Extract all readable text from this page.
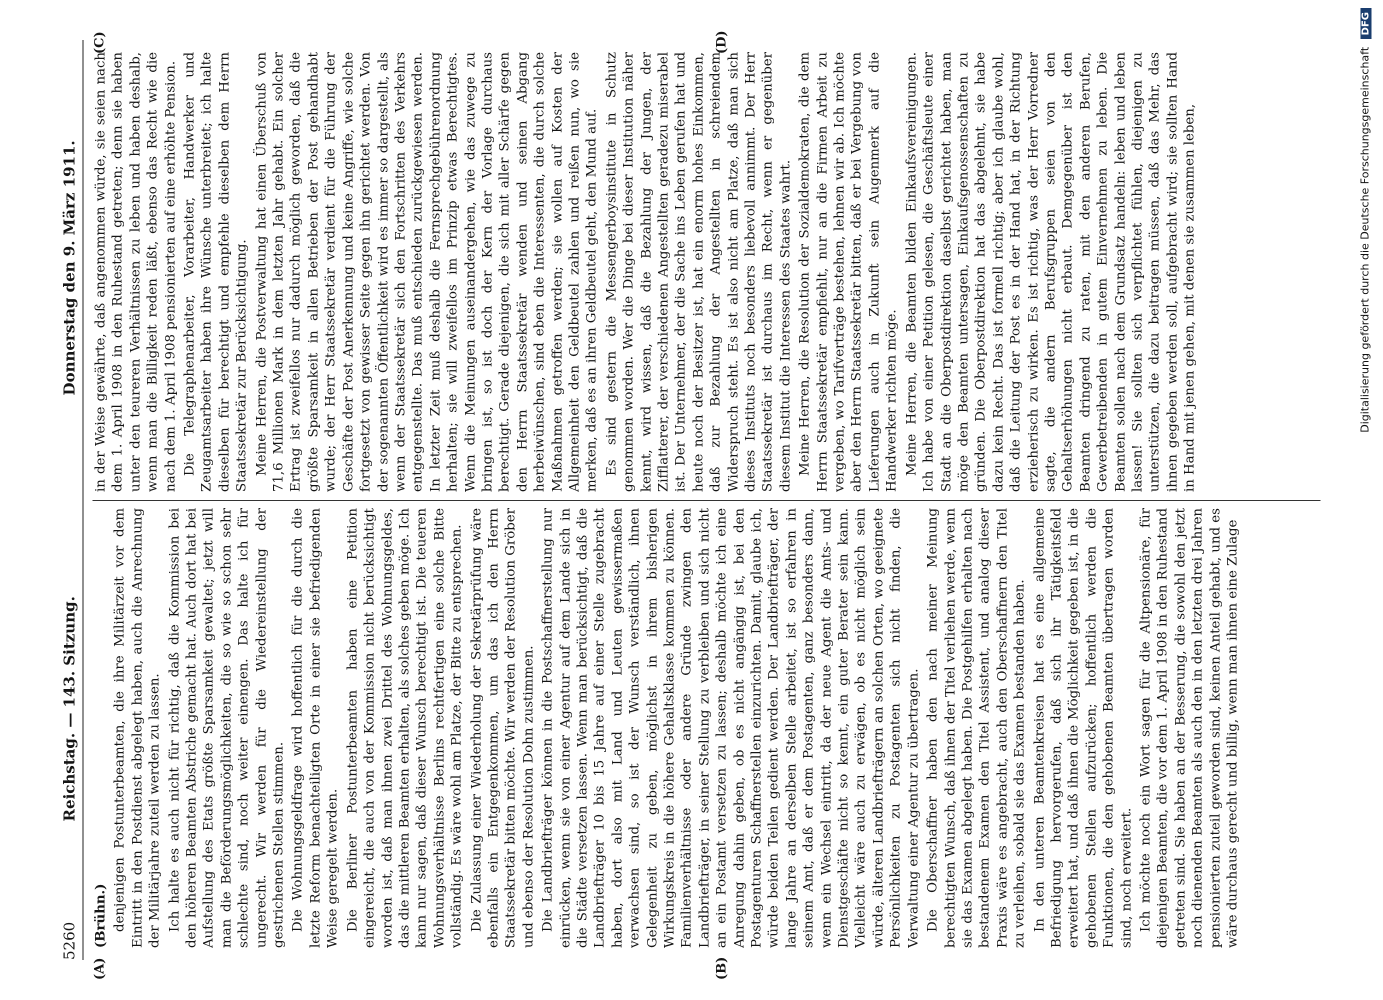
5260
Reichstag. — 143. Sitzung.
Donnerstag den 9. März 1911.
(A)	(B)
(C)	(D)

(Brühn.) denjenigen Postunterbeamten, die ihre Militärzeit vor dem Eintritt in den Postdienst abgelegt haben, auch die Anrechnung der Militärjahre zuteil werden zu lassen. Ich halte es auch nicht für richtig, daß die Kommission bei den höheren Beamten Abstriche gemacht hat. Auch dort hat bei Aufstellung des Etats größte Sparsamkeit gewaltet; jetzt will man die Beförderungsmöglichkeiten, die so wie so schon sehr schlechte sind, noch weiter einengen. Das halte ich für ungerecht. Wir werden für die Wiedereinstellung der gestrichenen Stellen stimmen. Die Wohnungsgeldfrage wird hoffentlich für die durch die letzte Reform benachteiligten Orte in einer sie befriedigenden Weise geregelt werden. Die Berliner Postunterbeamten haben eine Petition eingereicht, die auch von der Kommission nicht berücksichtigt worden ist, daß man ihnen zwei Drittel des Wohnungsgeldes, das die mittleren Beamten erhalten, als solches geben möge. Ich kann nur sagen, daß dieser Wunsch berechtigt ist. Die teueren Wohnungsverhältnisse Berlins rechtfertigen eine solche Bitte vollständig. Es wäre wohl am Platze, der Bitte zu entsprechen. Die Zulassung einer Wiederholung der Sekretärprüfung wäre ebenfalls ein Entgegenkommen, um das ich den Herrn Staatssekretär bitten möchte. Wir werden der Resolution Gröber und ebenso der Resolution Dohn zustimmen. Die Landbriefträger können in die Postschaffnerstellung nur einrücken, wenn sie von einer Agentur auf dem Lande sich in die Städte versetzen lassen. Wenn man berücksichtigt, daß die Landbriefträger 10 bis 15 Jahre auf einer Stelle zugebracht haben, dort also mit Land und Leuten gewissermaßen verwachsen sind, so ist der Wunsch verständlich, ihnen Gelegenheit zu geben, möglichst in ihrem bisherigen Wirkungskreis in die höhere Gehaltsklasse kommen zu können. Familienverhältnisse oder andere Gründe zwingen den Landbriefträger, in seiner Stellung zu verbleiben und sich nicht an ein Postamt versetzen zu lassen; deshalb möchte ich eine Anregung dahin geben, ob es nicht angängig ist, bei den Postagenturen Schaffnerstellen einzurichten. Damit, glaube ich, würde beiden Teilen gedient werden. Der Landbriefträger, der lange Jahre an derselben Stelle arbeitet, ist so erfahren in seinem Amt, daß er dem Postagenten, ganz besonders dann, wenn ein Wechsel eintritt, da der neue Agent die Amts- und Dienstgeschäfte nicht so kennt, ein guter Berater sein kann. Vielleicht wäre auch zu erwägen, ob es nicht möglich sein würde, älteren Landbriefträgern an solchen Orten, wo geeignete Persönlichkeiten zu Postagenten sich nicht finden, die Verwaltung einer Agentur zu übertragen. Die Oberschaffner haben den nach meiner Meinung berechtigten Wunsch, daß ihnen der Titel verliehen werde, wenn sie das Examen abgelegt haben. Die Postgehilfen erhalten nach bestandenem Examen den Titel Assistent, und analog dieser Praxis wäre es angebracht, auch den Oberschaffnern den Titel zu verleihen, sobald sie das Examen bestanden haben. In den unteren Beamtenkreisen hat es eine allgemeine Befriedigung hervorgerufen, daß sich ihr Tätigkeitsfeld erweitert hat, und daß ihnen die Möglichkeit gegeben ist, in die gehobenen Stellen aufzurücken; hoffentlich werden die Funktionen, die den gehobenen Beamten übertragen worden sind, noch erweitert. Ich möchte noch ein Wort sagen für die Altpensionäre, für diejenigen Beamten, die vor dem 1. April 1908 in den Ruhestand getreten sind. Sie haben an der Besserung, die sowohl den jetzt noch dienenden Beamten als auch den in den letzten drei Jahren pensionierten zuteil geworden sind, keinen Anteil gehabt, und es wäre durchaus gerecht und billig, wenn man ihnen eine Zulage

in der Weise gewährte, daß angenommen würde, sie seien nach dem 1. April 1908 in den Ruhestand getreten; denn sie haben unter den teureren Verhältnissen zu leben und haben deshalb, wenn man die Billigkeit reden läßt, ebenso das Recht wie die nach dem 1. April 1908 pensionierten auf eine erhöhte Pension. Die Telegraphenarbeiter, Vorarbeiter, Handwerker und Zeugamtsarbeiter haben ihre Wünsche unterbreitet; ich halte dieselben für berechtigt und empfehle dieselben dem Herrn Staatssekretär zur Berücksichtigung. Meine Herren, die Postverwaltung hat einen Überschuß von 71,6 Millionen Mark in dem letzten Jahr gehabt. Ein solcher Ertrag ist zweifellos nur dadurch möglich geworden, daß die größte Sparsamkeit in allen Betrieben der Post gehandhabt wurde; der Herr Staatssekretär verdient für die Führung der Geschäfte der Post Anerkennung und keine Angriffe, wie solche fortgesetzt von gewisser Seite gegen ihn gerichtet werden. Von der sogenannten Öffentlichkeit wird es immer so dargestellt, als wenn der Staatssekretär sich den Fortschritten des Verkehrs entgegenstellte. Das muß entschieden zurückgewiesen werden. In letzter Zeit muß deshalb die Fernsprechgebührenordnung herhalten; sie will zweifellos im Prinzip etwas Berechtigtes. Wenn die Meinungen auseinandergehen, wie das zuwege zu bringen ist, so ist doch der Kern der Vorlage durchaus berechtigt. Gerade diejenigen, die sich mit aller Schärfe gegen den Herrn Staatssekretär wenden und seinen Abgang herbeiwünschen, sind eben die Interessenten, die durch solche Maßnahmen getroffen werden; sie wollen auf Kosten der Allgemeinheit den Geldbeutel zahlen und reißen nun, wo sie merken, daß es an ihren Geldbeutel geht, den Mund auf. Es sind gestern die Messengerboysinstitute in Schutz genommen worden. Wer die Dinge bei dieser Institution näher kennt, wird wissen, daß die Bezahlung der Jungen, der Zifflatterer, der verschiedenen Angestellten geradezu miserabel ist. Der Unternehmer, der die Sache ins Leben gerufen hat und heute noch der Besitzer ist, hat ein enorm hohes Einkommen, daß zur Bezahlung der Angestellten in schreiendem Widerspruch steht. Es ist also nicht am Platze, daß man sich dieses Instituts noch besonders liebevoll annimmt. Der Herr Staatssekretär ist durchaus im Recht, wenn er gegenüber diesem Institut die Interessen des Staates wahrt. Meine Herren, die Resolution der Sozialdemokraten, die dem Herrn Staatssekretär empfiehlt, nur an die Firmen Arbeit zu vergeben, wo Tarifverträge bestehen, lehnen wir ab. Ich möchte aber den Herrn Staatssekretär bitten, daß er bei Vergebung von Lieferungen auch in Zukunft sein Augenmerk auf die Handwerker richten möge. Meine Herren, die Beamten bilden Einkaufsvereinigungen. Ich habe von einer Petition gelesen, die Geschäftsleute einer Stadt an die Oberpostdirektion daselbst gerichtet haben, man möge den Beamten untersagen, Einkaufsgenossenschaften zu gründen. Die Oberpostdirektion hat das abgelehnt, sie habe dazu kein Recht. Das ist formell richtig; aber ich glaube wohl, daß die Leitung der Post es in der Hand hat, in der Richtung erzieherisch zu wirken. Es ist richtig, was der Herr Vorredner sagte, die andern Berufsgruppen seien von den Gehaltserhöhungen nicht erbaut. Demgegenüber ist den Beamten dringend zu raten, mit den anderen Berufen, Gewerbetreibenden in gutem Einvernehmen zu leben. Die Beamten sollen nach dem Grundsatz handeln: leben und leben lassen! Sie sollten sich verpflichtet fühlen, diejenigen zu unterstützen, die dazu beitragen müssen, daß das Mehr, das ihnen gegeben werden soll, aufgebracht wird; sie sollten Hand in Hand mit jenen gehen, mit denen sie zusammen leben,	Digitalisierung gefördert durch die Deutsche Forschungsgemeinschaft DFG
